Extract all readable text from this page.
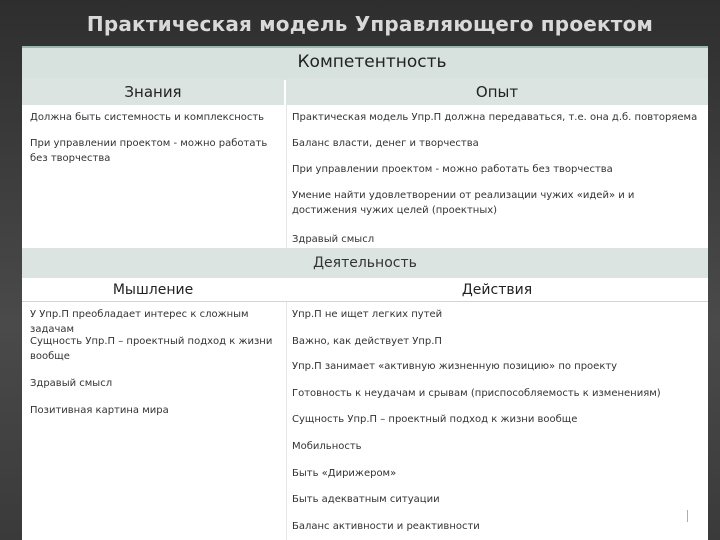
Практическая модель Управляющего проектом
Компетентность
Знания	Опыт
Должна быть системность и комплексность
При управлении проектом - можно работать без творчества
Практическая модель Упр.П должна передаваться, т.е. она д.б. повторяема
Баланс власти, денег и творчества
При управлении проектом - можно работать без творчества
Умение найти удовлетворении от реализации чужих «идей» и и достижения чужих целей (проектных)
Здравый смысл
Деятельность
Мышление	Действия
У Упр.П преобладает интерес к сложным задачам
Сущность Упр.П – проектный подход к жизни вообще
Здравый смысл
Позитивная картина мира
Упр.П не ищет легких путей
Важно, как действует Упр.П
Упр.П занимает «активную жизненную позицию» по проекту
Готовность к неудачам и срывам (приспособляемость к изменениям)
Сущность Упр.П – проектный подход к жизни вообще
Мобильность
Быть «Дирижером»
Быть адекватным ситуации
Баланс активности и реактивности
